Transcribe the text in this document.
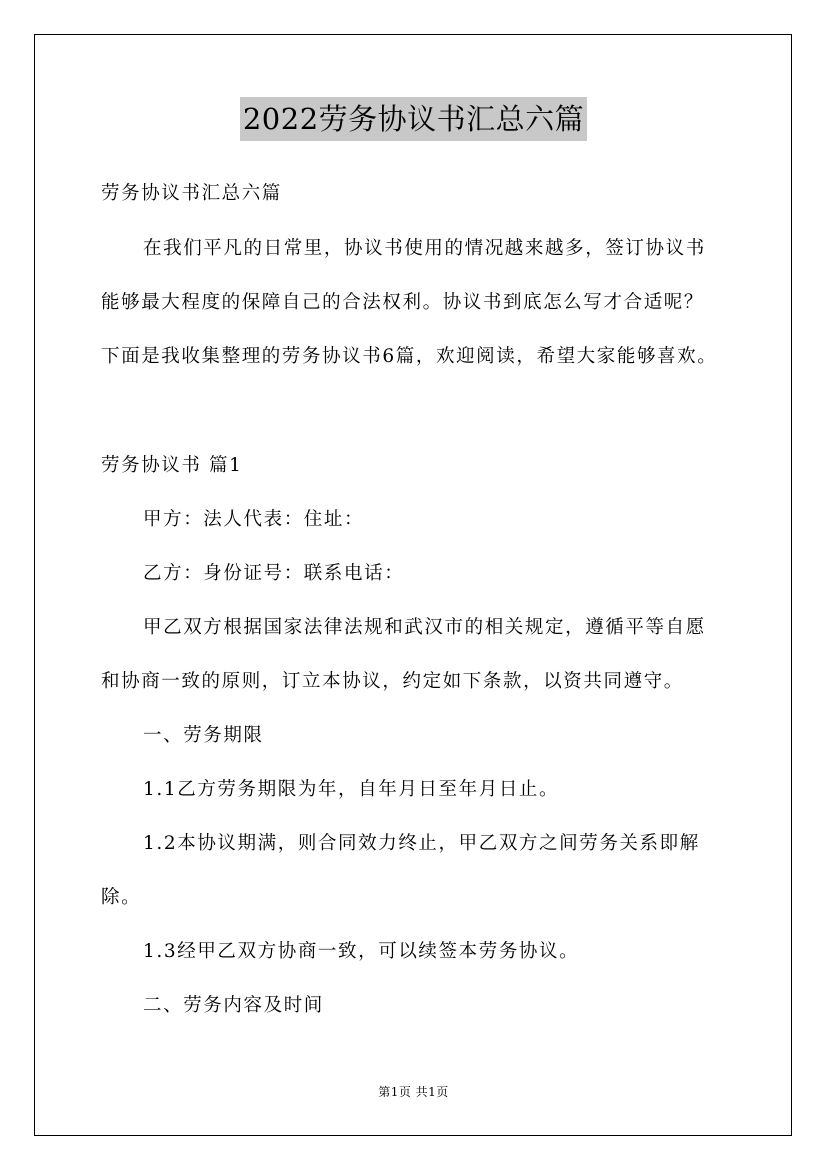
2022劳务协议书汇总六篇
劳务协议书汇总六篇
在我们平凡的日常里，协议书使用的情况越来越多，签订协议书
能够最大程度的保障自己的合法权利。协议书到底怎么写才合适呢？
下面是我收集整理的劳务协议书6篇，欢迎阅读，希望大家能够喜欢。
劳务协议书 篇1
甲方：法人代表：住址：
乙方：身份证号：联系电话：
甲乙双方根据国家法律法规和武汉市的相关规定，遵循平等自愿
和协商一致的原则，订立本协议，约定如下条款，以资共同遵守。
一、劳务期限
1.1乙方劳务期限为年，自年月日至年月日止。
1.2本协议期满，则合同效力终止，甲乙双方之间劳务关系即解
除。
1.3经甲乙双方协商一致，可以续签本劳务协议。
二、劳务内容及时间
第1页 共1页
